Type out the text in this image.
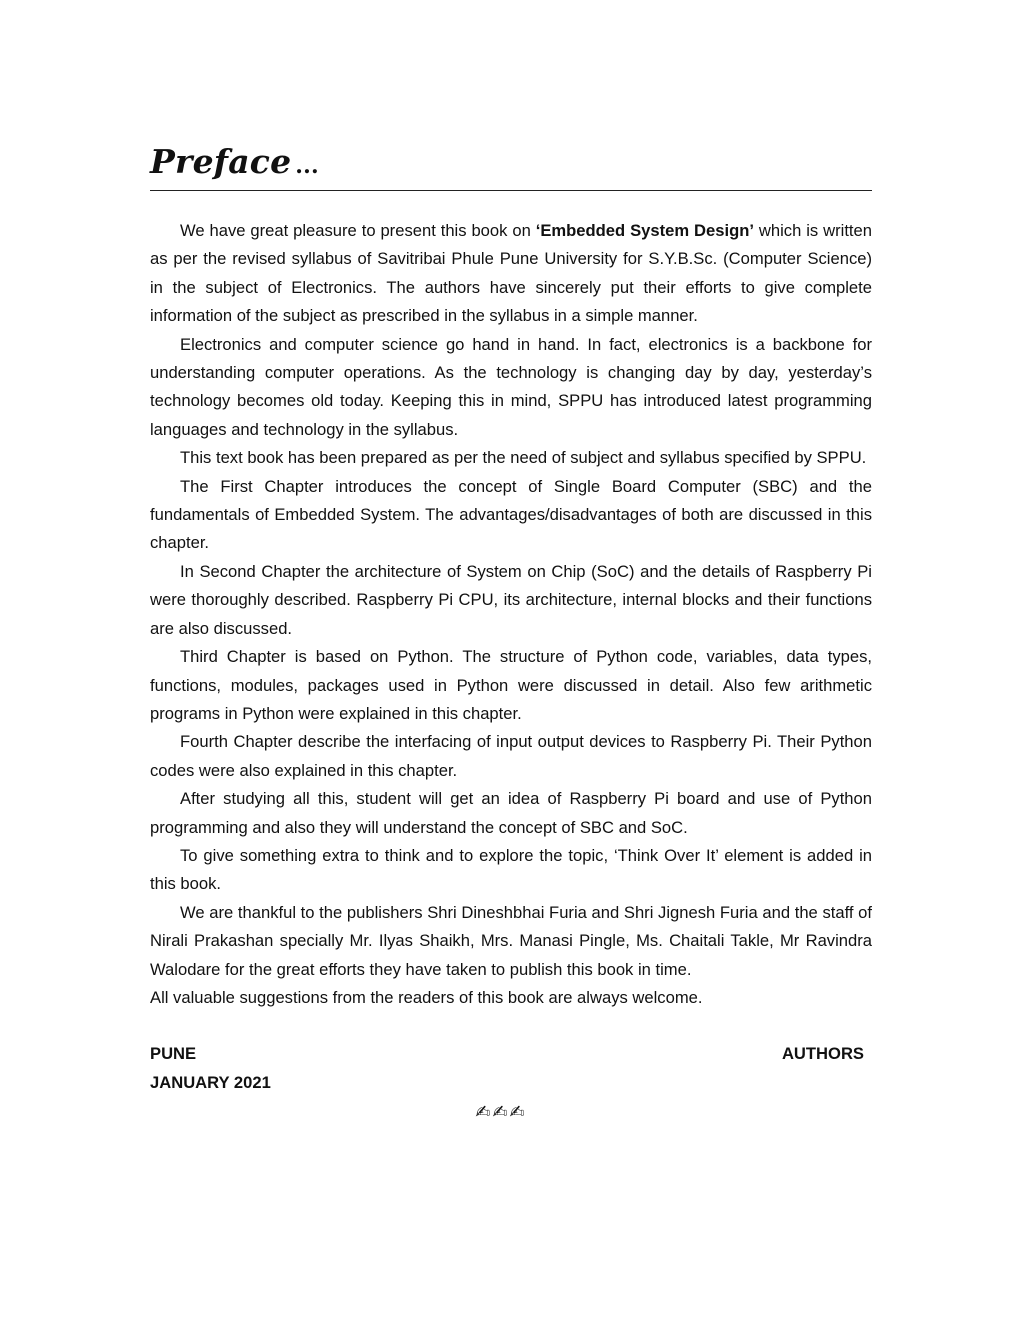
Preface ...

We have great pleasure to present this book on ‘Embedded System Design’ which is written as per the revised syllabus of Savitribai Phule Pune University for S.Y.B.Sc. (Computer Science) in the subject of Electronics. The authors have sincerely put their efforts to give complete information of the subject as prescribed in the syllabus in a simple manner.

Electronics and computer science go hand in hand. In fact, electronics is a backbone for understanding computer operations. As the technology is changing day by day, yesterday’s technology becomes old today. Keeping this in mind, SPPU has introduced latest programming languages and technology in the syllabus.

This text book has been prepared as per the need of subject and syllabus specified by SPPU.

The First Chapter introduces the concept of Single Board Computer (SBC) and the fundamentals of Embedded System. The advantages/disadvantages of both are discussed in this chapter.

In Second Chapter the architecture of System on Chip (SoC) and the details of Raspberry Pi were thoroughly described. Raspberry Pi CPU, its architecture, internal blocks and their functions are also discussed.

Third Chapter is based on Python. The structure of Python code, variables, data types, functions, modules, packages used in Python were discussed in detail. Also few arithmetic programs in Python were explained in this chapter.

Fourth Chapter describe the interfacing of input output devices to Raspberry Pi. Their Python codes were also explained in this chapter.

After studying all this, student will get an idea of Raspberry Pi board and use of Python programming and also they will understand the concept of SBC and SoC.

To give something extra to think and to explore the topic, ‘Think Over It’ element is added in this book.

We are thankful to the publishers Shri Dineshbhai Furia and Shri Jignesh Furia and the staff of Nirali Prakashan specially Mr. Ilyas Shaikh, Mrs. Manasi Pingle, Ms. Chaitali Takle, Mr Ravindra Walodare for the great efforts they have taken to publish this book in time.

All valuable suggestions from the readers of this book are always welcome.

PUNE	AUTHORS
JANUARY 2021
✍✍✍
